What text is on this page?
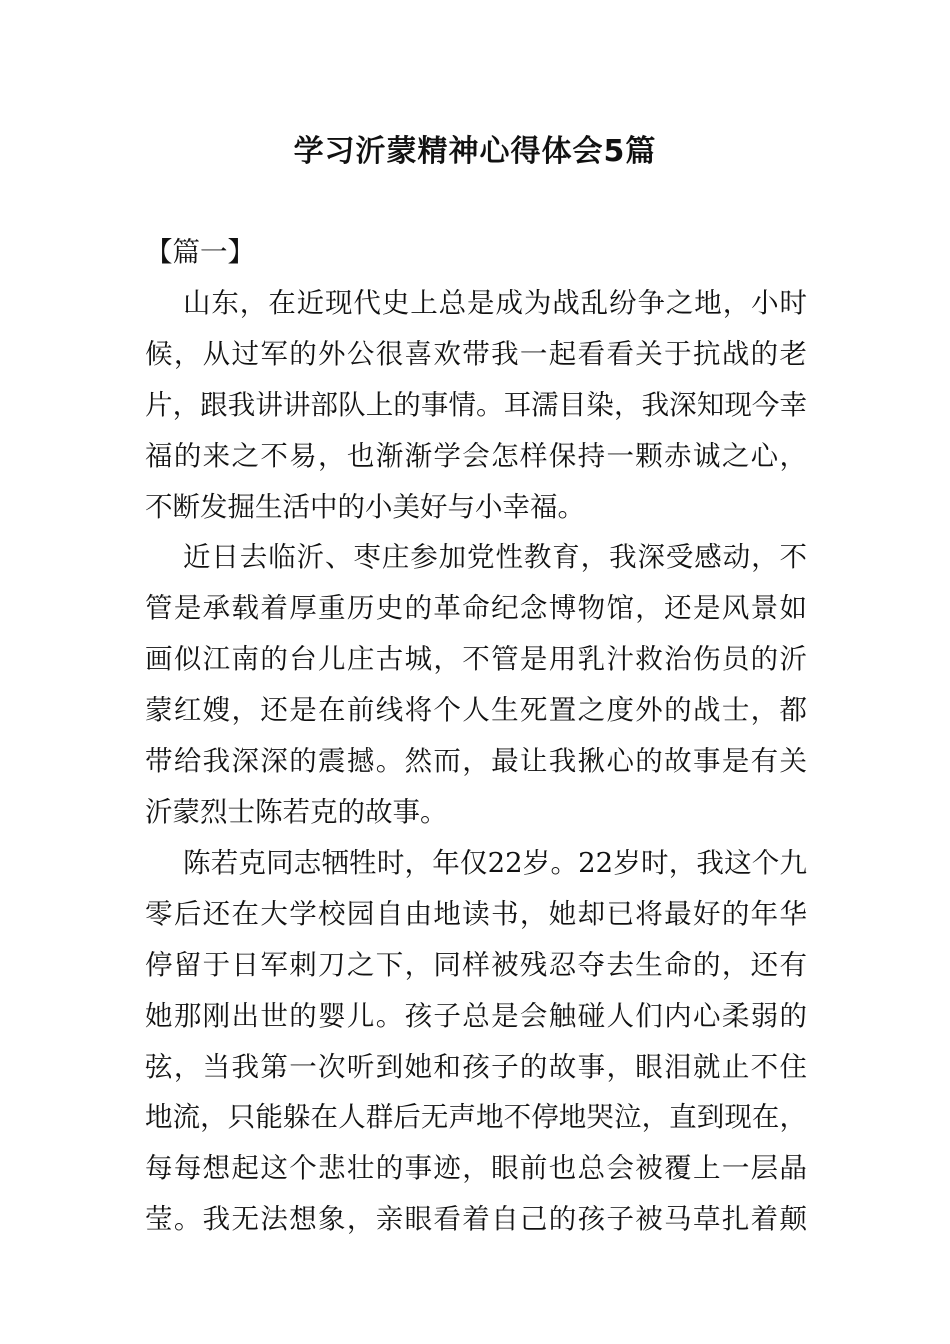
学习沂蒙精神心得体会5篇
【篇一】
山东，在近现代史上总是成为战乱纷争之地，小时
候，从过军的外公很喜欢带我一起看看关于抗战的老
片，跟我讲讲部队上的事情。耳濡目染，我深知现今幸
福的来之不易，也渐渐学会怎样保持一颗赤诚之心，
不断发掘生活中的小美好与小幸福。
近日去临沂、枣庄参加党性教育，我深受感动，不
管是承载着厚重历史的革命纪念博物馆，还是风景如
画似江南的台儿庄古城，不管是用乳汁救治伤员的沂
蒙红嫂，还是在前线将个人生死置之度外的战士，都
带给我深深的震撼。然而，最让我揪心的故事是有关
沂蒙烈士陈若克的故事。
陈若克同志牺牲时，年仅22岁。22岁时，我这个九
零后还在大学校园自由地读书，她却已将最好的年华
停留于日军刺刀之下，同样被残忍夺去生命的，还有
她那刚出世的婴儿。孩子总是会触碰人们内心柔弱的
弦，当我第一次听到她和孩子的故事，眼泪就止不住
地流，只能躲在人群后无声地不停地哭泣，直到现在，
每每想起这个悲壮的事迹，眼前也总会被覆上一层晶
莹。我无法想象，亲眼看着自己的孩子被马草扎着颠
